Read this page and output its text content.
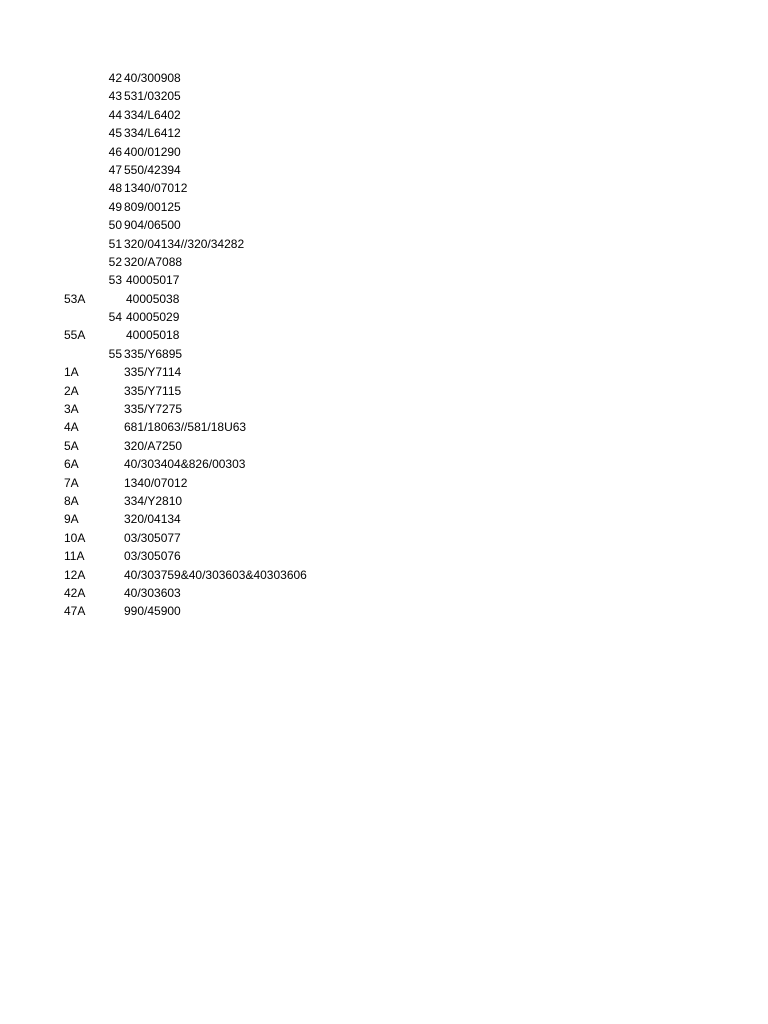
42 40/300908
43 531/03205
44 334/L6402
45 334/L6412
46 400/01290
47 550/42394
48 1340/07012
49 809/00125
50 904/06500
51 320/04134//320/34282
52 320/A7088
53 40005017
53A	40005038
54 40005029
55A	40005018
55 335/Y6895
1A	335/Y7114
2A	335/Y7115
3A	335/Y7275
4A	681/18063//581/18U63
5A	320/A7250
6A	40/303404&826/00303
7A	1340/07012
8A	334/Y2810
9A	320/04134
10A	03/305077
11A	03/305076
12A	40/303759&40/303603&40303606
42A	40/303603
47A	990/45900
